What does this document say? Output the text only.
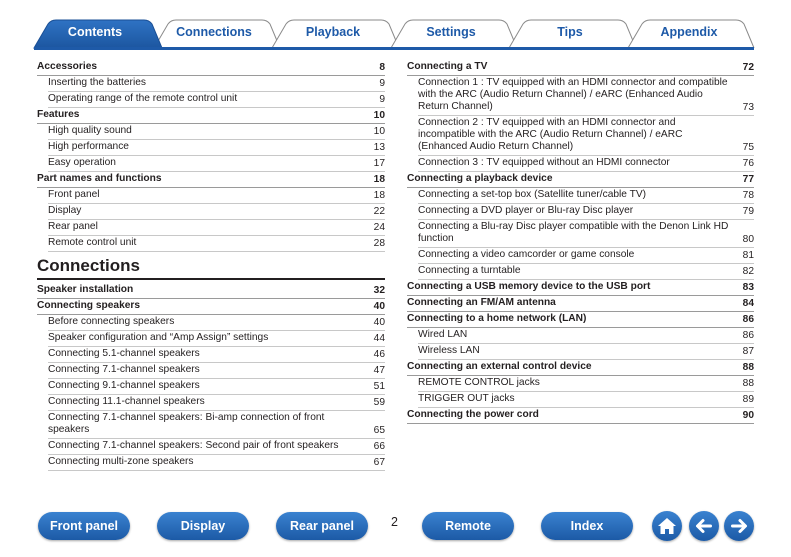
Contents	Connections	Playback	Settings	Tips	Appendix
Accessories	8
Inserting the batteries	9
Operating range of the remote control unit	9
Features	10
High quality sound	10
High performance	13
Easy operation	17
Part names and functions	18
Front panel	18
Display	22
Rear panel	24
Remote control unit	28
Connections
Speaker installation	32
Connecting speakers	40
Before connecting speakers	40
Speaker configuration and “Amp Assign” settings	44
Connecting 5.1-channel speakers	46
Connecting 7.1-channel speakers	47
Connecting 9.1-channel speakers	51
Connecting 11.1-channel speakers	59
Connecting 7.1-channel speakers: Bi-amp connection of front speakers	65
Connecting 7.1-channel speakers: Second pair of front speakers	66
Connecting multi-zone speakers	67
Connecting a TV	72
Connection 1 : TV equipped with an HDMI connector and compatible with the ARC (Audio Return Channel) / eARC (Enhanced Audio Return Channel)	73
Connection 2 : TV equipped with an HDMI connector and incompatible with the ARC (Audio Return Channel) / eARC (Enhanced Audio Return Channel)	75
Connection 3 : TV equipped without an HDMI connector	76
Connecting a playback device	77
Connecting a set-top box (Satellite tuner/cable TV)	78
Connecting a DVD player or Blu-ray Disc player	79
Connecting a Blu-ray Disc player compatible with the Denon Link HD function	80
Connecting a video camcorder or game console	81
Connecting a turntable	82
Connecting a USB memory device to the USB port	83
Connecting an FM/AM antenna	84
Connecting to a home network (LAN)	86
Wired LAN	86
Wireless LAN	87
Connecting an external control device	88
REMOTE CONTROL jacks	88
TRIGGER OUT jacks	89
Connecting the power cord	90
Front panel	Display	Rear panel	2	Remote	Index
